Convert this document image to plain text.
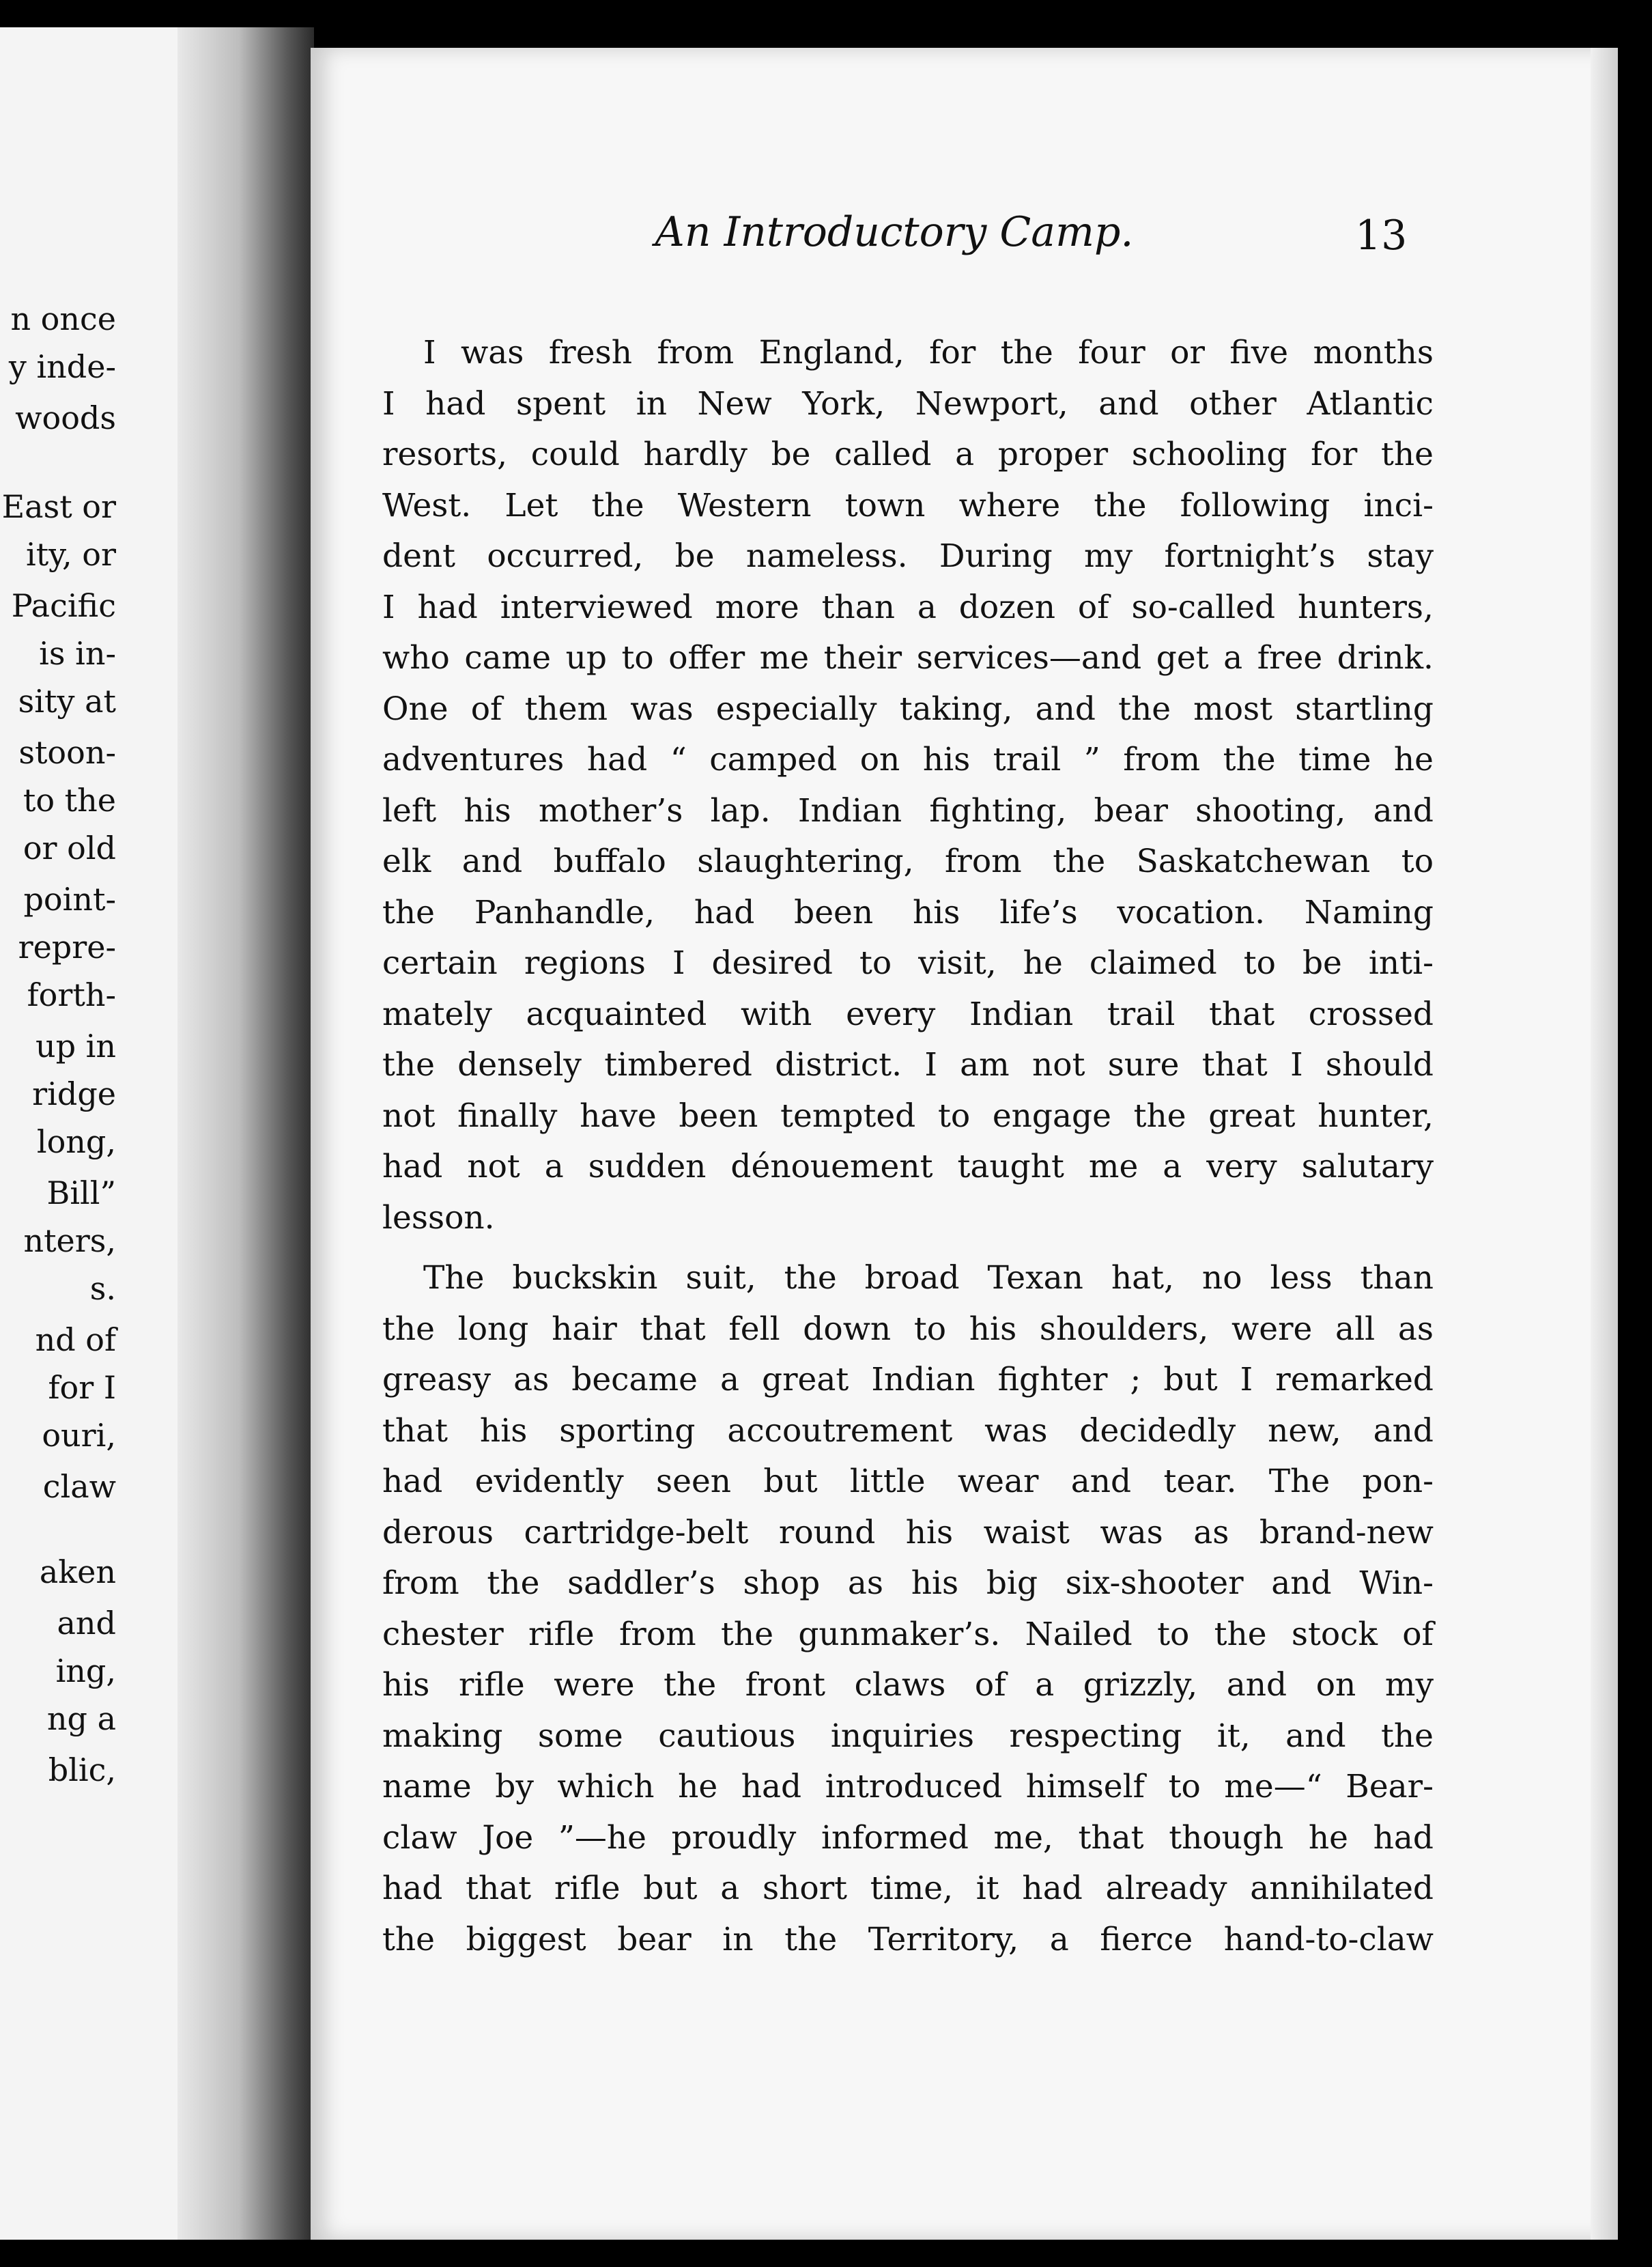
n once
y inde-
woods
East or
ity, or
Pacific
is in-
sity at
stoon-
to the
or old
point-
repre-
forth-
up in
ridge
long,
Bill”
nters,
s.
nd of
for I
ouri,
claw
aken
and
ing,
ng a
blic,
An Introductory Camp.	13
I was fresh from England, for the four or five months
I had spent in New York, Newport, and other Atlantic
resorts, could hardly be called a proper schooling for the
West. Let the Western town where the following inci-
dent occurred, be nameless. During my fortnight’s stay
I had interviewed more than a dozen of so-called hunters,
who came up to offer me their services—and get a free drink.
One of them was especially taking, and the most startling
adventures had “ camped on his trail ” from the time he
left his mother’s lap. Indian fighting, bear shooting, and
elk and buffalo slaughtering, from the Saskatchewan to
the Panhandle, had been his life’s vocation. Naming
certain regions I desired to visit, he claimed to be inti-
mately acquainted with every Indian trail that crossed
the densely timbered district. I am not sure that I should
not finally have been tempted to engage the great hunter,
had not a sudden dénouement taught me a very salutary
lesson.
The buckskin suit, the broad Texan hat, no less than
the long hair that fell down to his shoulders, were all as
greasy as became a great Indian fighter ; but I remarked
that his sporting accoutrement was decidedly new, and
had evidently seen but little wear and tear. The pon-
derous cartridge-belt round his waist was as brand-new
from the saddler’s shop as his big six-shooter and Win-
chester rifle from the gunmaker’s. Nailed to the stock of
his rifle were the front claws of a grizzly, and on my
making some cautious inquiries respecting it, and the
name by which he had introduced himself to me—“ Bear-
claw Joe ”—he proudly informed me, that though he had
had that rifle but a short time, it had already annihilated
the biggest bear in the Territory, a fierce hand-to-claw
